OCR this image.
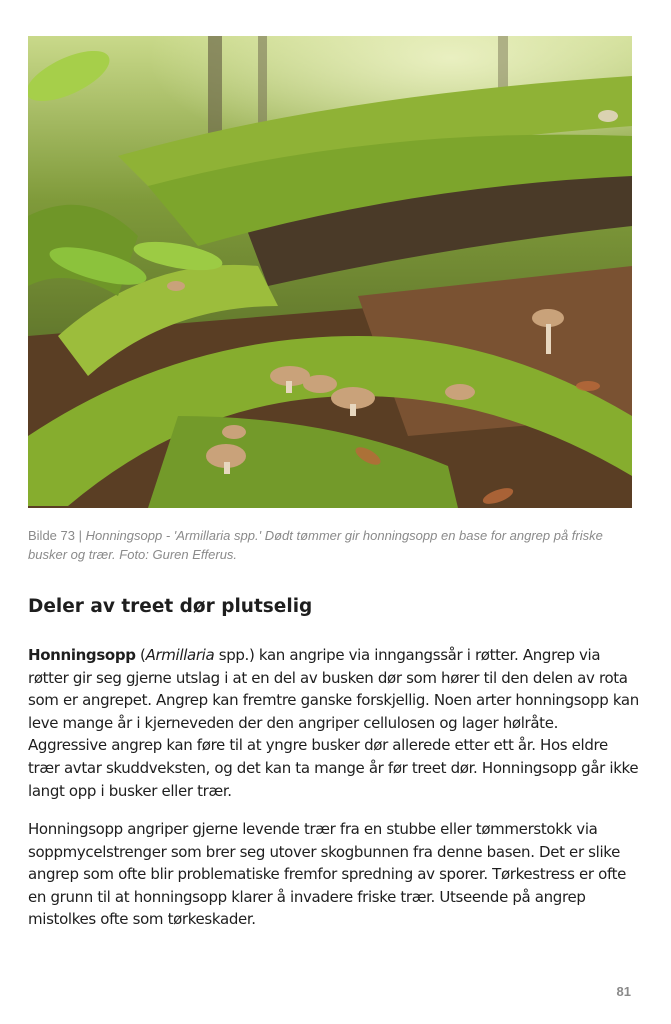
Bilde 73 | Honningsopp - 'Armillaria spp.' Dødt tømmer gir honningsopp en base for angrep på friske busker og trær. Foto: Guren Efferus.
Deler av treet dør plutselig

Honningsopp (Armillaria spp.) kan angripe via inngangssår i røtter. Angrep via røtter gir seg gjerne utslag i at en del av busken dør som hører til den delen av rota som er angrepet. Angrep kan fremtre ganske forskjellig. Noen arter honningsopp kan leve mange år i kjerneveden der den angriper cellulosen og lager hølråte. Aggressive angrep kan føre til at yngre busker dør allerede etter ett år. Hos eldre trær avtar skuddveksten, og det kan ta mange år før treet dør. Honningsopp går ikke langt opp i busker eller trær.

Honningsopp angriper gjerne levende trær fra en stubbe eller tømmerstokk via soppmycelstrenger som brer seg utover skogbunnen fra denne basen. Det er slike angrep som ofte blir problematiske fremfor spredning av sporer. Tørkestress er ofte en grunn til at honningsopp klarer å invadere friske trær. Utseende på angrep mistolkes ofte som tørkeskader.

81
